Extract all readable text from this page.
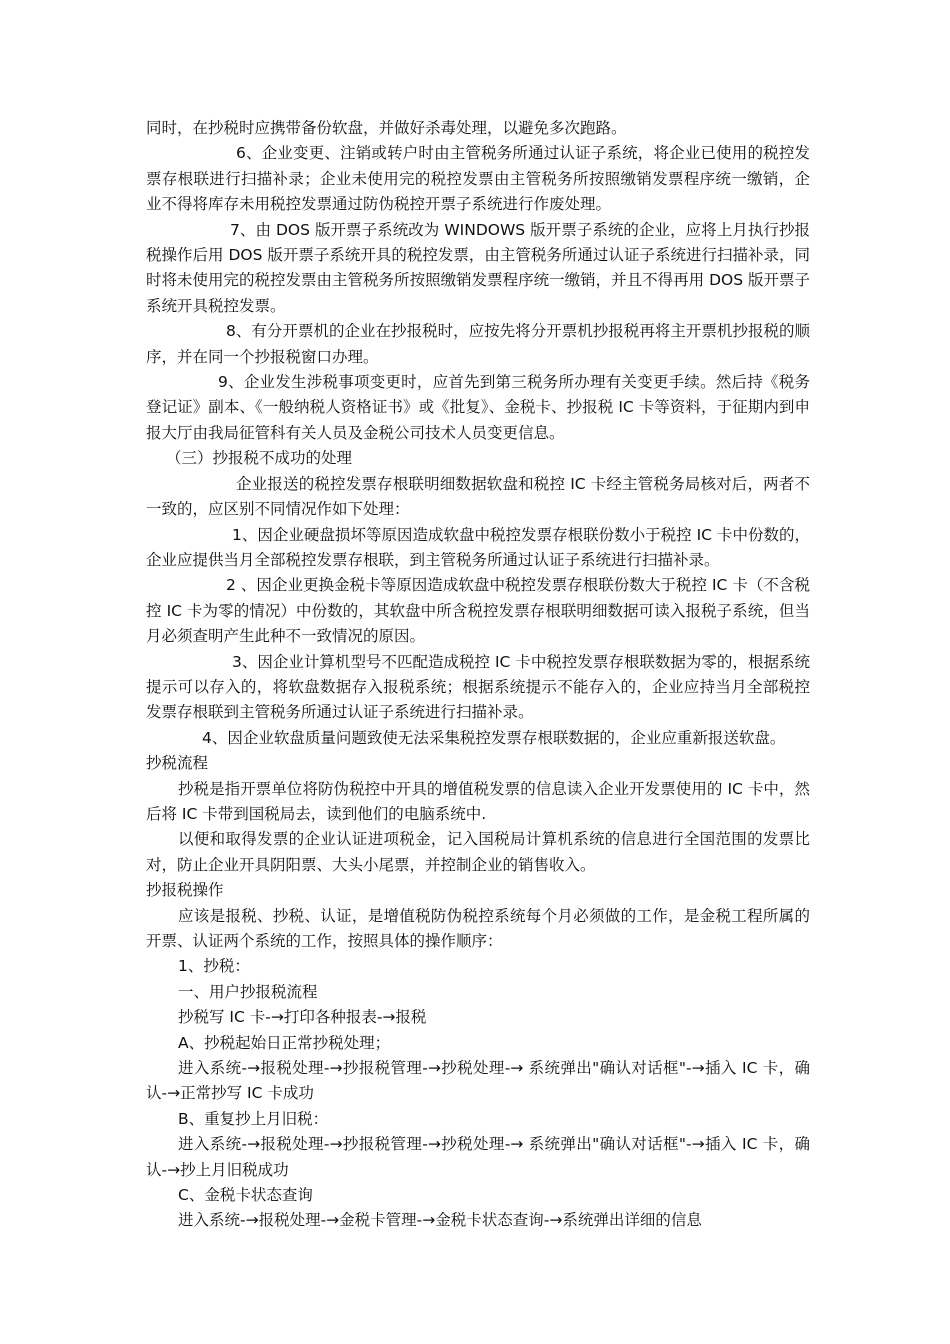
同时，在抄税时应携带备份软盘，并做好杀毒处理，以避免多次跑路。

6、企业变更、注销或转户时由主管税务所通过认证子系统，将企业已使用的税控发票存根联进行扫描补录；企业未使用完的税控发票由主管税务所按照缴销发票程序统一缴销，企业不得将库存未用税控发票通过防伪税控开票子系统进行作废处理。

7、由 DOS 版开票子系统改为 WINDOWS 版开票子系统的企业，应将上月执行抄报税操作后用 DOS 版开票子系统开具的税控发票，由主管税务所通过认证子系统进行扫描补录，同时将未使用完的税控发票由主管税务所按照缴销发票程序统一缴销，并且不得再用 DOS 版开票子系统开具税控发票。

8、有分开票机的企业在抄报税时，应按先将分开票机抄报税再将主开票机抄报税的顺序，并在同一个抄报税窗口办理。

9、企业发生涉税事项变更时，应首先到第三税务所办理有关变更手续。然后持《税务登记证》副本、《一般纳税人资格证书》或《批复》、金税卡、抄报税 IC 卡等资料，于征期内到申报大厅由我局征管科有关人员及金税公司技术人员变更信息。

（三）抄报税不成功的处理

企业报送的税控发票存根联明细数据软盘和税控 IC 卡经主管税务局核对后，两者不一致的，应区别不同情况作如下处理：

1、因企业硬盘损坏等原因造成软盘中税控发票存根联份数小于税控 IC 卡中份数的，企业应提供当月全部税控发票存根联，到主管税务所通过认证子系统进行扫描补录。

2 、因企业更换金税卡等原因造成软盘中税控发票存根联份数大于税控 IC 卡（不含税控 IC 卡为零的情况）中份数的，其软盘中所含税控发票存根联明细数据可读入报税子系统，但当月必须查明产生此种不一致情况的原因。

3、因企业计算机型号不匹配造成税控 IC 卡中税控发票存根联数据为零的，根据系统提示可以存入的，将软盘数据存入报税系统；根据系统提示不能存入的，企业应持当月全部税控发票存根联到主管税务所通过认证子系统进行扫描补录。

4、因企业软盘质量问题致使无法采集税控发票存根联数据的，企业应重新报送软盘。

抄税流程

抄税是指开票单位将防伪税控中开具的增值税发票的信息读入企业开发票使用的 IC 卡中，然后将 IC 卡带到国税局去，读到他们的电脑系统中.

以便和取得发票的企业认证进项税金，记入国税局计算机系统的信息进行全国范围的发票比对，防止企业开具阴阳票、大头小尾票，并控制企业的销售收入。

抄报税操作

应该是报税、抄税、认证，是增值税防伪税控系统每个月必须做的工作，是金税工程所属的开票、认证两个系统的工作，按照具体的操作顺序：

1、抄税：

一、用户抄报税流程

抄税写 IC 卡-→打印各种报表-→报税

A、抄税起始日正常抄税处理；

进入系统-→报税处理-→抄报税管理-→抄税处理-→ 系统弹出"确认对话框"-→插入 IC 卡，确认-→正常抄写 IC 卡成功

B、重复抄上月旧税：

进入系统-→报税处理-→抄报税管理-→抄税处理-→ 系统弹出"确认对话框"-→插入 IC 卡，确认-→抄上月旧税成功

C、金税卡状态查询

进入系统-→报税处理-→金税卡管理-→金税卡状态查询-→系统弹出详细的信息
